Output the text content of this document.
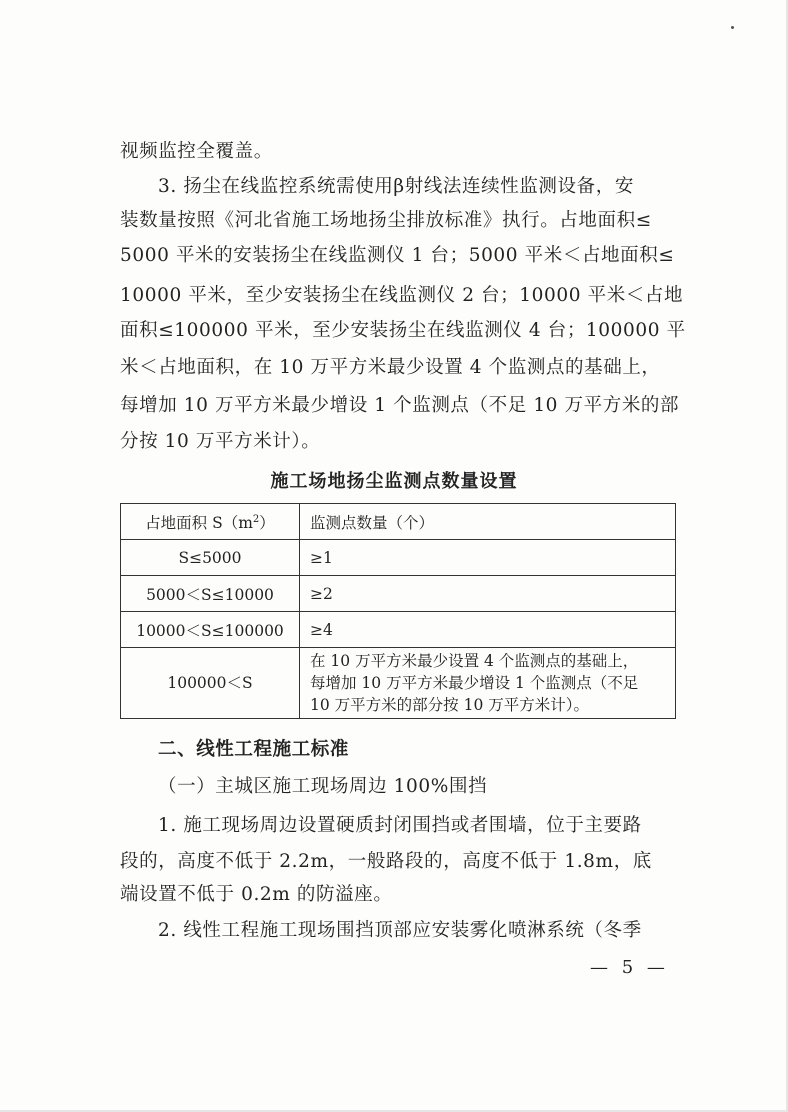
视频监控全覆盖。
3. 扬尘在线监控系统需使用β射线法连续性监测设备，安
装数量按照《河北省施工场地扬尘排放标准》执行。占地面积≤
5000 平米的安装扬尘在线监测仪 1 台；5000 平米＜占地面积≤
10000 平米，至少安装扬尘在线监测仪 2 台；10000 平米＜占地
面积≤100000 平米，至少安装扬尘在线监测仪 4 台；100000 平
米＜占地面积，在 10 万平方米最少设置 4 个监测点的基础上，
每增加 10 万平方米最少增设 1 个监测点（不足 10 万平方米的部
分按 10 万平方米计）。
施工场地扬尘监测点数量设置
占地面积 $S(m^2)$	监测点数量（个）
S≤5000	≥1
5000＜S≤10000	≥2
10000＜S≤100000	≥4
100000＜S	在 10 万平方米最少设置 4 个监测点的基础上，
每增加 10 万平方米最少增设 1 个监测点（不足
10 万平方米的部分按 10 万平方米计）。
二、线性工程施工标准
（一）主城区施工现场周边 100%围挡
1. 施工现场周边设置硬质封闭围挡或者围墙，位于主要路
段的，高度不低于 2.2m，一般路段的，高度不低于 1.8m，底
端设置不低于 0.2m 的防溢座。
2. 线性工程施工现场围挡顶部应安装雾化喷淋系统（冬季
— 5 —
